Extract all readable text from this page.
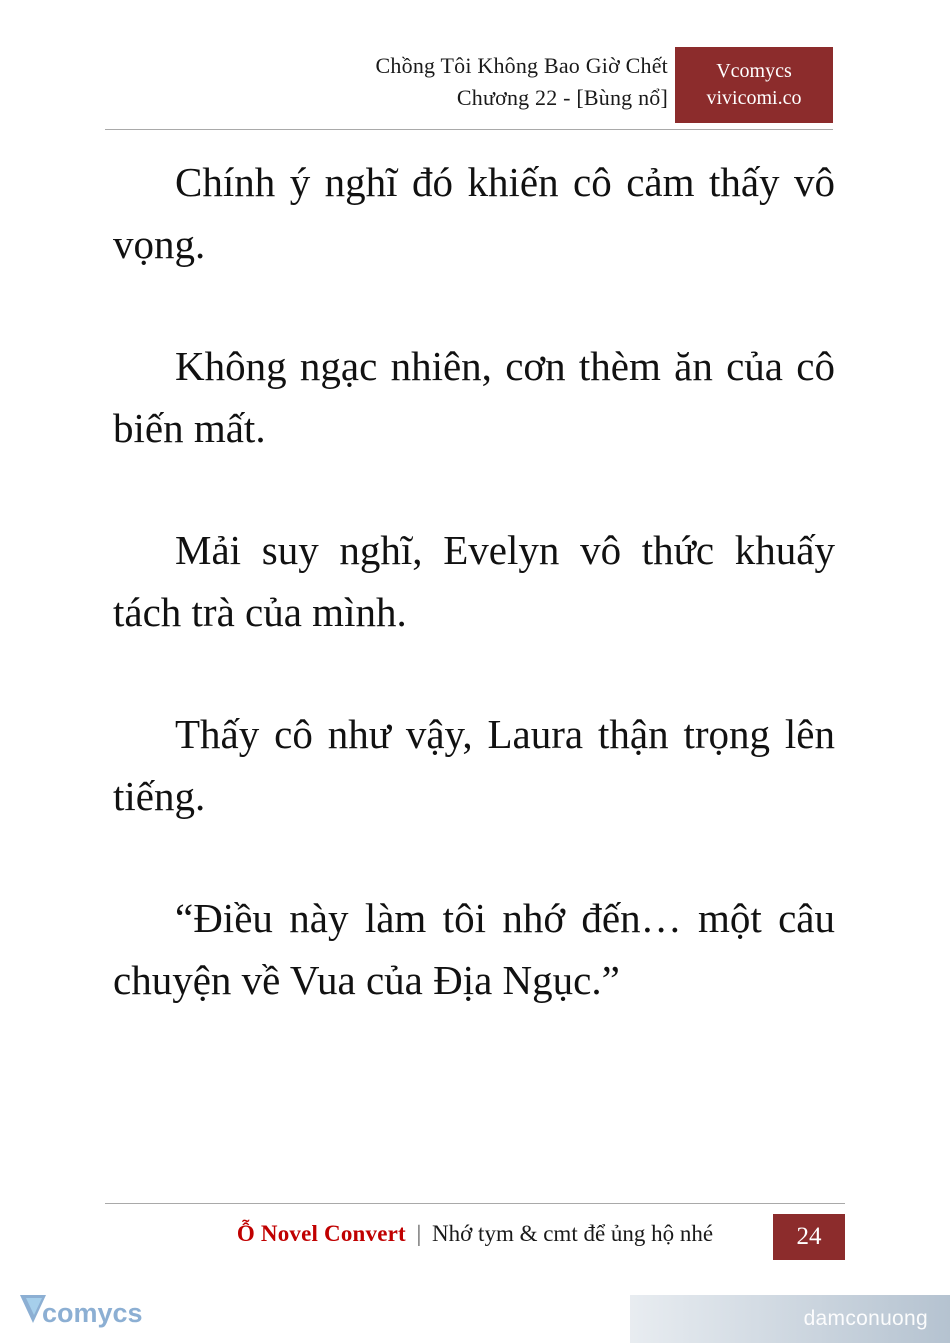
Chồng Tôi Không Bao Giờ Chết
Chương 22 - [Bùng nổ]
Vcomycs
vivicomi.co

Chính ý nghĩ đó khiến cô cảm thấy vô vọng.

Không ngạc nhiên, cơn thèm ăn của cô biến mất.

Mải suy nghĩ, Evelyn vô thức khuấy tách trà của mình.

Thấy cô như vậy, Laura thận trọng lên tiếng.

“Điều này làm tôi nhớ đến… một câu chuyện về Vua của Địa Ngục.”

Ỗ Novel Convert | Nhớ tym & cmt để ủng hộ nhé	24
comycs	damconuong
